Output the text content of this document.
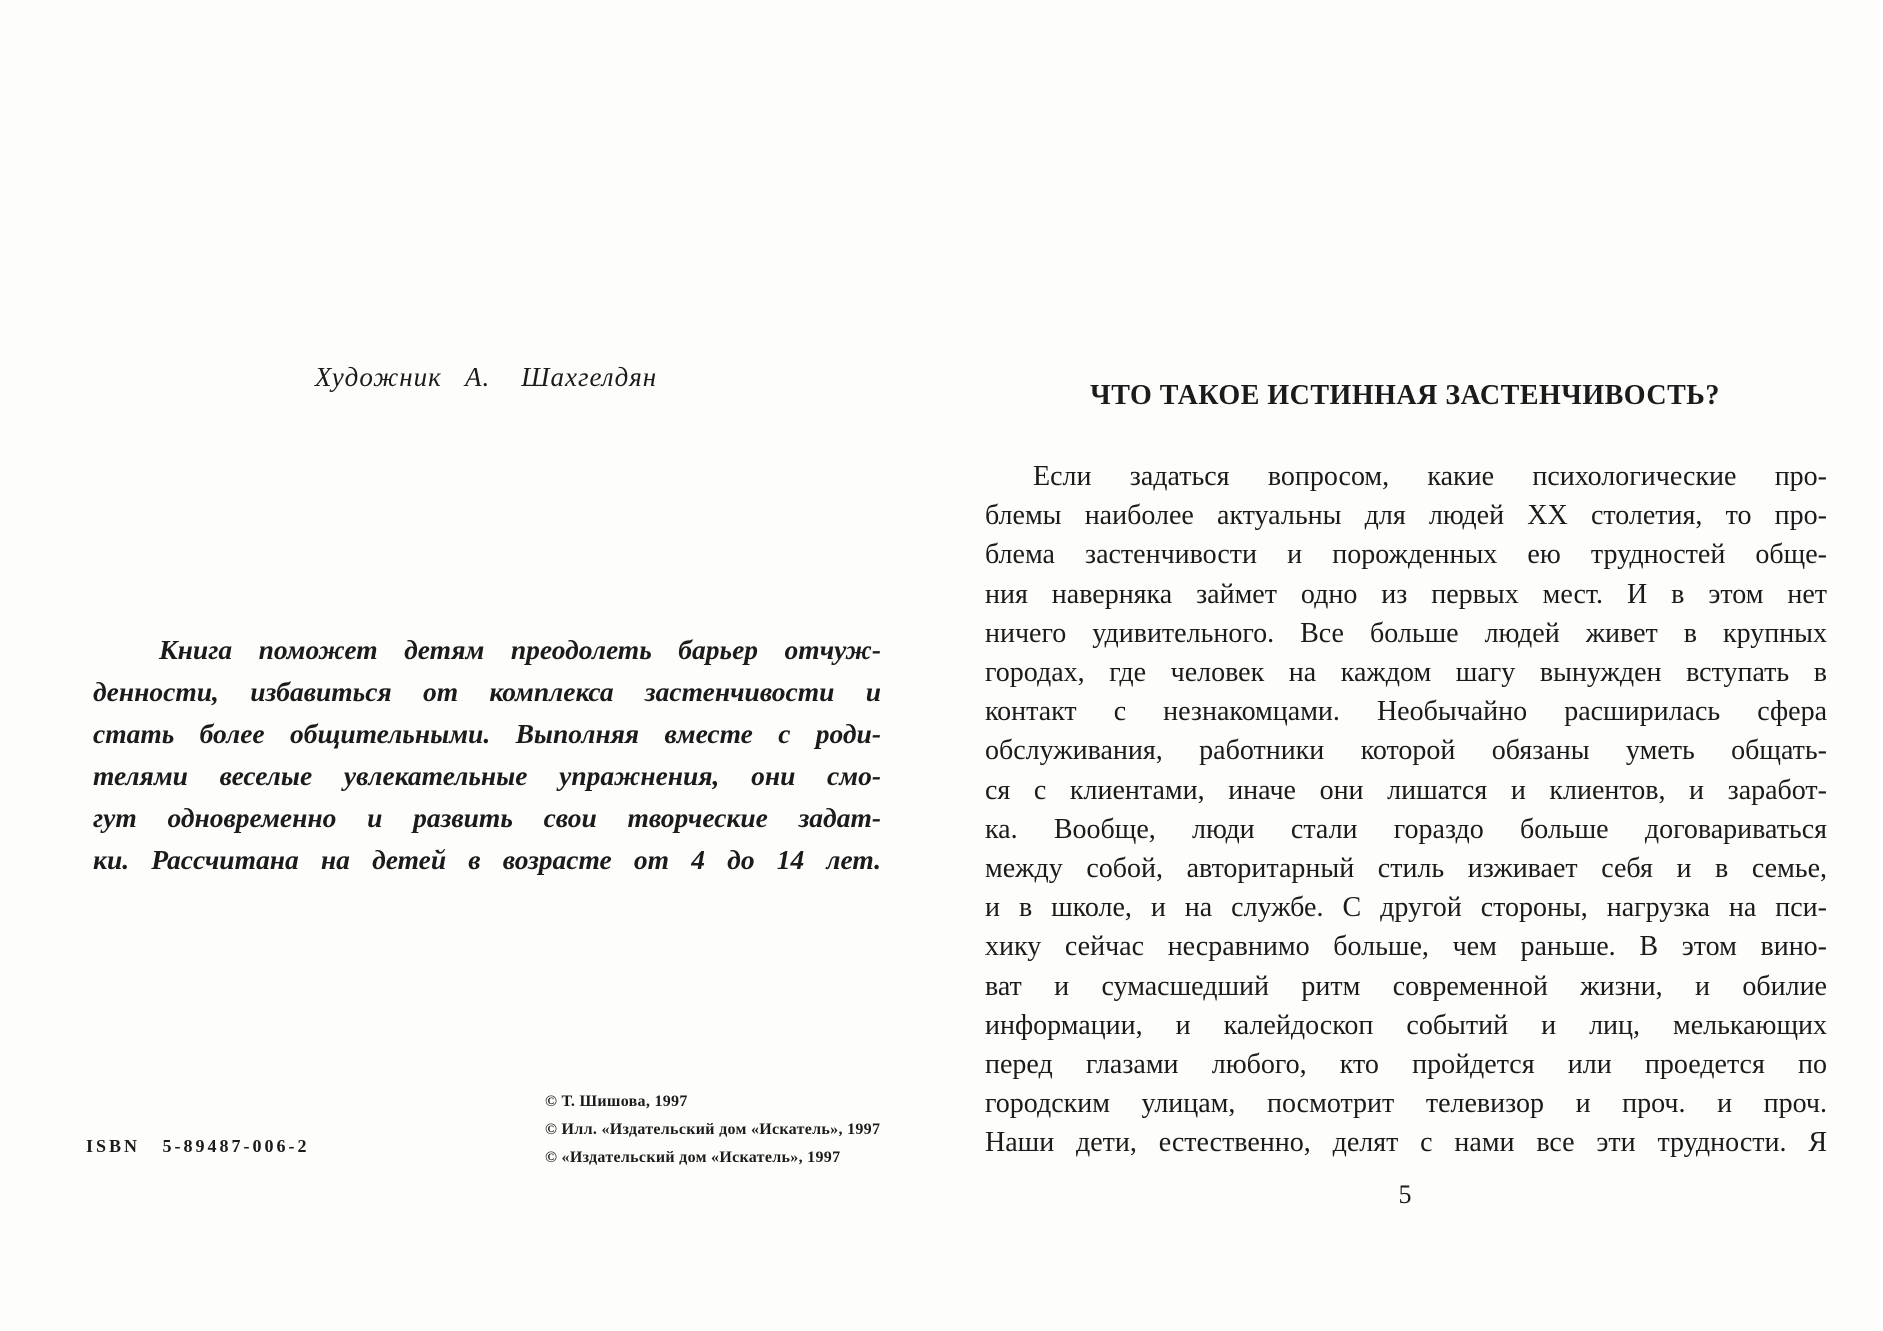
Художник   А.    Шахгелдян
Книга поможет детям преодолеть барьер отчуж-
денности, избавиться от комплекса застенчивости и
стать более общительными. Выполняя вместе с роди-
телями веселые увлекательные упражнения, они смо-
гут одновременно и развить свои творческие задат-
ки. Рассчитана на детей в возрасте от 4 до 14 лет.
ISBN   5-89487-006-2
© Т. Шишова, 1997
© Илл. «Издательский дом «Искатель», 1997
© «Издательский дом «Искатель», 1997
ЧТО ТАКОЕ ИСТИННАЯ ЗАСТЕНЧИВОСТЬ?
Если задаться вопросом, какие психологические про-
блемы наиболее актуальны для людей XX столетия, то про-
блема застенчивости и порожденных ею трудностей обще-
ния наверняка займет одно из первых мест. И в этом нет
ничего удивительного. Все больше людей живет в крупных
городах, где человек на каждом шагу вынужден вступать в
контакт с незнакомцами. Необычайно расширилась сфера
обслуживания, работники которой обязаны уметь общать-
ся с клиентами, иначе они лишатся и клиентов, и заработ-
ка. Вообще, люди стали гораздо больше договариваться
между собой, авторитарный стиль изживает себя и в семье,
и в школе, и на службе. С другой стороны, нагрузка на пси-
хику сейчас несравнимо больше, чем раньше. В этом вино-
ват и сумасшедший ритм современной жизни, и обилие
информации, и калейдоскоп событий и лиц, мелькающих
перед глазами любого, кто пройдется или проедется по
городским улицам, посмотрит телевизор и проч. и проч.
Наши дети, естественно, делят с нами все эти трудности. Я
5
